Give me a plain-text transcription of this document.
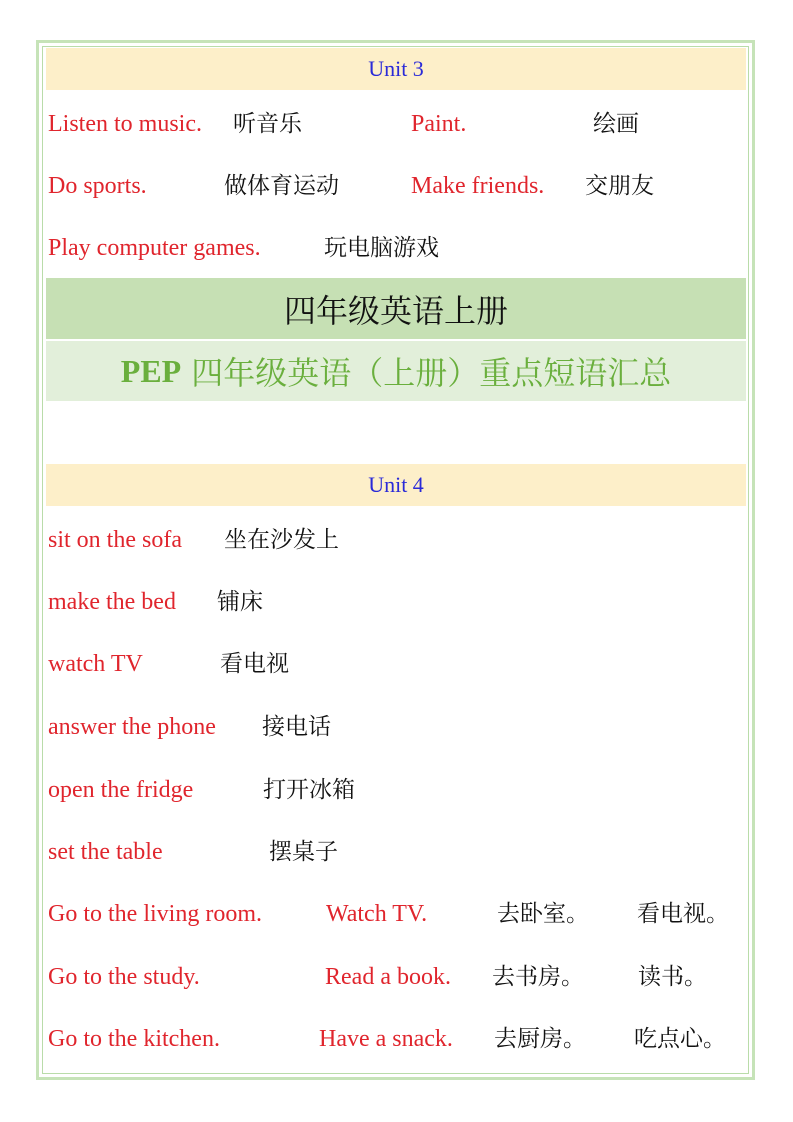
Unit 3
Listen to music. 听音乐	Paint.	绘画
Do sports.	做体育运动	Make friends. 交朋友
Play computer games.	玩电脑游戏
四年级英语上册
PEP 四年级英语（上册）重点短语汇总
Unit 4
sit on the sofa 坐在沙发上
make the bed 铺床
watch TV	看电视
answer the phone 接电话
open the fridge	打开冰箱
set the table	摆桌子
Go to the living room.	Watch TV.	去卧室。 看电视。
Go to the study.	Read a book. 去书房。 读书。
Go to the kitchen.	Have a snack. 去厨房。 吃点心。
